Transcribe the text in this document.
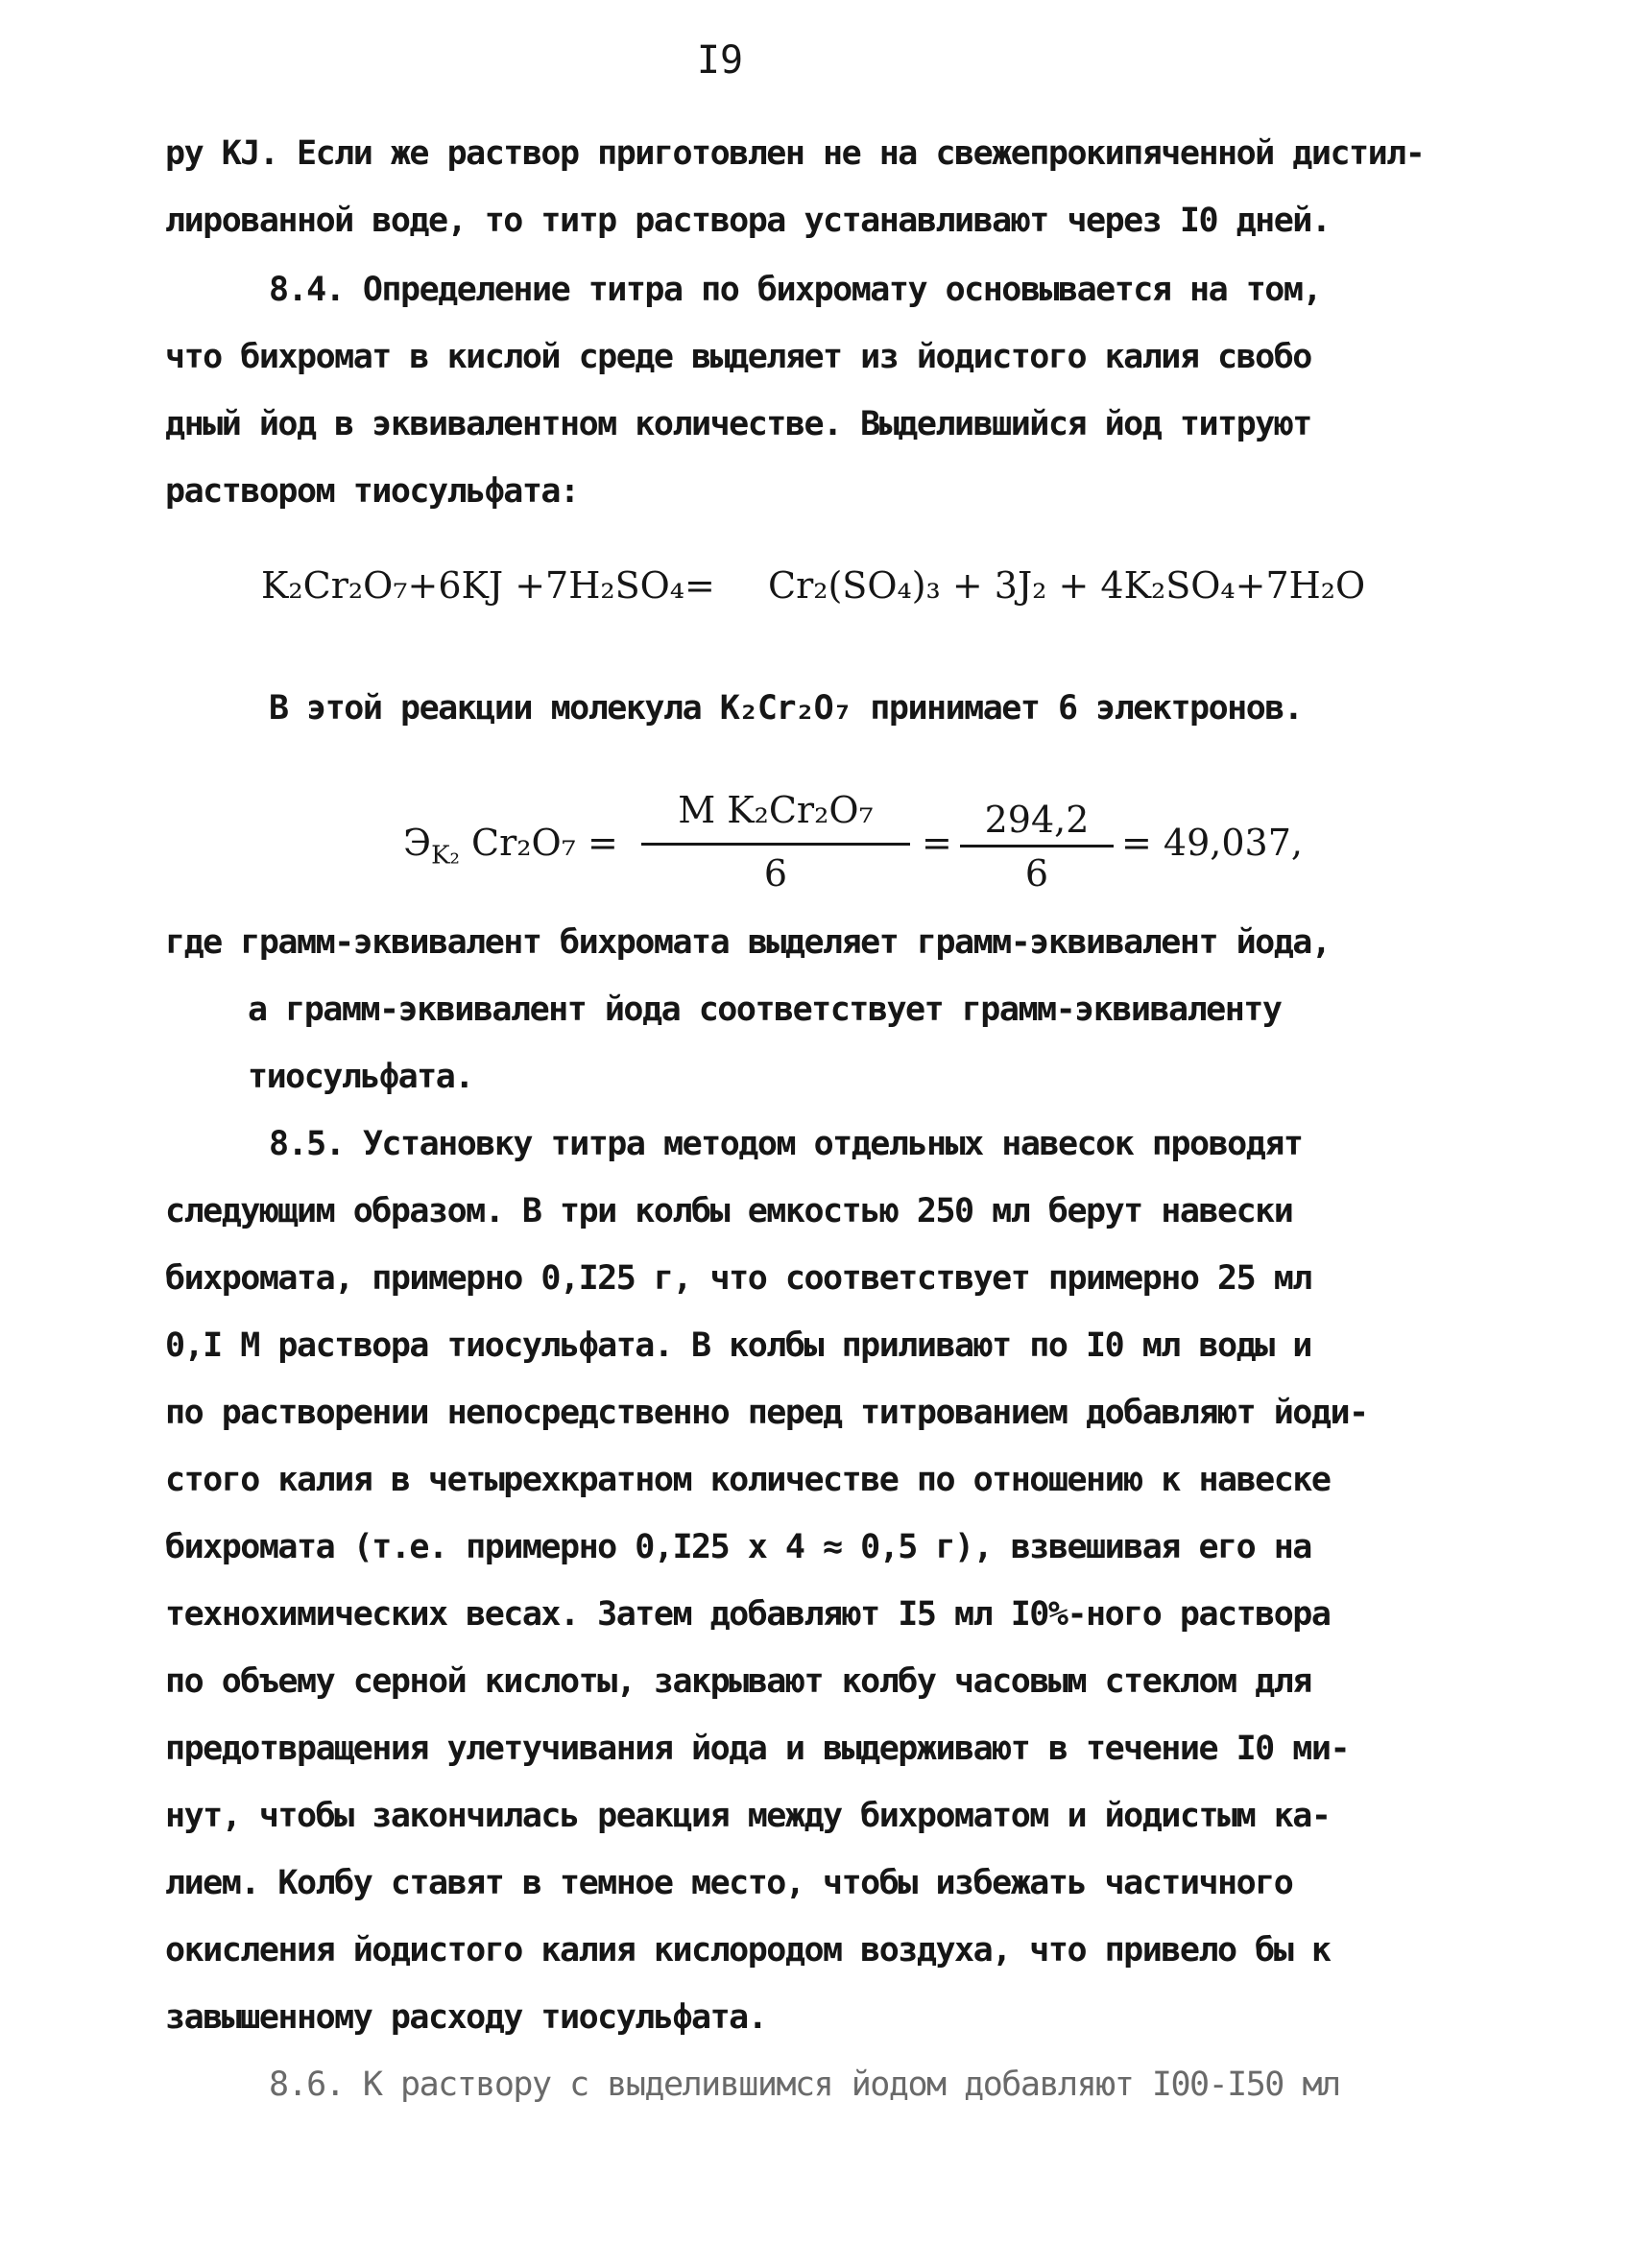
I9
ру KJ. Если же раствор приготовлен не на свежепрокипяченной дистил-
лированной воде, то титр раствора устанавливают через I0 дней.
8.4. Определение титра по бихромату основывается на том,
что бихромат в кислой среде выделяет из йодистого калия свобо
дный йод в эквивалентном количестве. Выделившийся йод титруют
раствором тиосульфата:
K₂Cr₂O₇+6KJ +7H₂SO₄= Cr₂(SO₄)₃ + 3J₂ + 4K₂SO₄+7H₂O
В этой реакции молекула K₂Cr₂O₇ принимает 6 электронов.
$Э_{K_2}$ Cr₂O₇ =
M K₂Cr₂O₇
6
=
294,2
6
= 49,037,
где грамм-эквивалент бихромата выделяет грамм-эквивалент йода,
а грамм-эквивалент йода соответствует грамм-эквиваленту
тиосульфата.
8.5. Установку титра методом отдельных навесок проводят
следующим образом. В три колбы емкостью 250 мл берут навески
бихромата, примерно 0,I25 г, что соответствует примерно 25 мл
0,I M раствора тиосульфата. В колбы приливают по I0 мл воды и
по растворении непосредственно перед титрованием добавляют йоди-
стого калия в четырехкратном количестве по отношению к навеске
бихромата (т.е. примерно 0,I25 x 4 ≈ 0,5 г), взвешивая его на
технохимических весах. Затем добавляют I5 мл I0%-ного раствора
по объему серной кислоты, закрывают колбу часовым стеклом для
предотвращения улетучивания йода и выдерживают в течение I0 ми-
нут, чтобы закончилась реакция между бихроматом и йодистым ка-
лием. Колбу ставят в темное место, чтобы избежать частичного
окисления йодистого калия кислородом воздуха, что привело бы к
завышенному расходу тиосульфата.
8.6. К раствору с выделившимся йодом добавляют I00-I50 мл
